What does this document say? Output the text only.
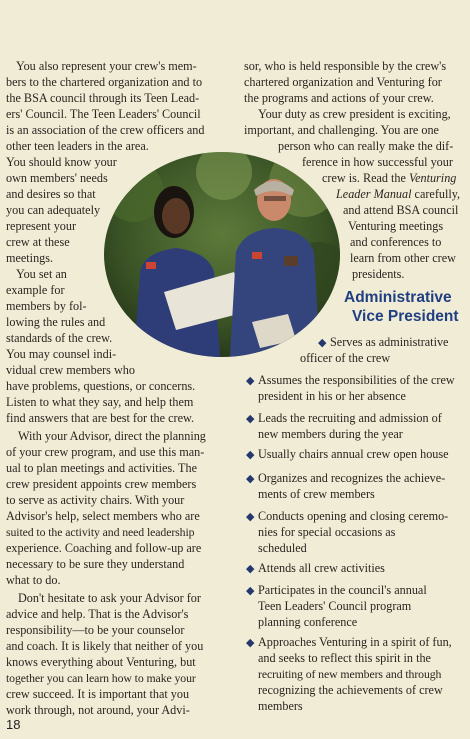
You also represent your crew's mem-
bers to the chartered organization and to
the BSA council through its Teen Lead-
ers' Council. The Teen Leaders' Council
is an association of the crew officers and
other teen leaders in the area.
You should know your
own members' needs
and desires so that
you can adequately
represent your
crew at these
meetings.
You set an
example for
members by fol-
lowing the rules and
standards of the crew.
You may counsel indi-
vidual crew members who
have problems, questions, or concerns.
Listen to what they say, and help them
find answers that are best for the crew.
With your Advisor, direct the planning
of your crew program, and use this man-
ual to plan meetings and activities. The
crew president appoints crew members
to serve as activity chairs. With your
Advisor's help, select members who are
suited to the activity and need leadership
experience. Coaching and follow-up are
necessary to be sure they understand
what to do.
Don't hesitate to ask your Advisor for
advice and help. That is the Advisor's
responsibility—to be your counselor
and coach. It is likely that neither of you
knows everything about Venturing, but
together you can learn how to make your
crew succeed. It is important that you
work through, not around, your Advi-
sor, who is held responsible by the crew's
chartered organization and Venturing for
the programs and actions of your crew.
Your duty as crew president is exciting,
important, and challenging. You are one
person who can really make the dif-
ference in how successful your
crew is. Read the Venturing
Leader Manual carefully,
and attend BSA council
Venturing meetings
and conferences to
learn from other crew
presidents.
Administrative
Vice President
◆ Serves as administrative
officer of the crew
◆ Assumes the responsibilities of the crew
president in his or her absence
◆ Leads the recruiting and admission of
new members during the year
◆ Usually chairs annual crew open house
◆ Organizes and recognizes the achieve-
ments of crew members
◆ Conducts opening and closing ceremo-
nies for special occasions as
scheduled
◆ Attends all crew activities
◆ Participates in the council's annual
Teen Leaders' Council program
planning conference
◆ Approaches Venturing in a spirit of fun,
and seeks to reflect this spirit in the
recruiting of new members and through
recognizing the achievements of crew
members
18
